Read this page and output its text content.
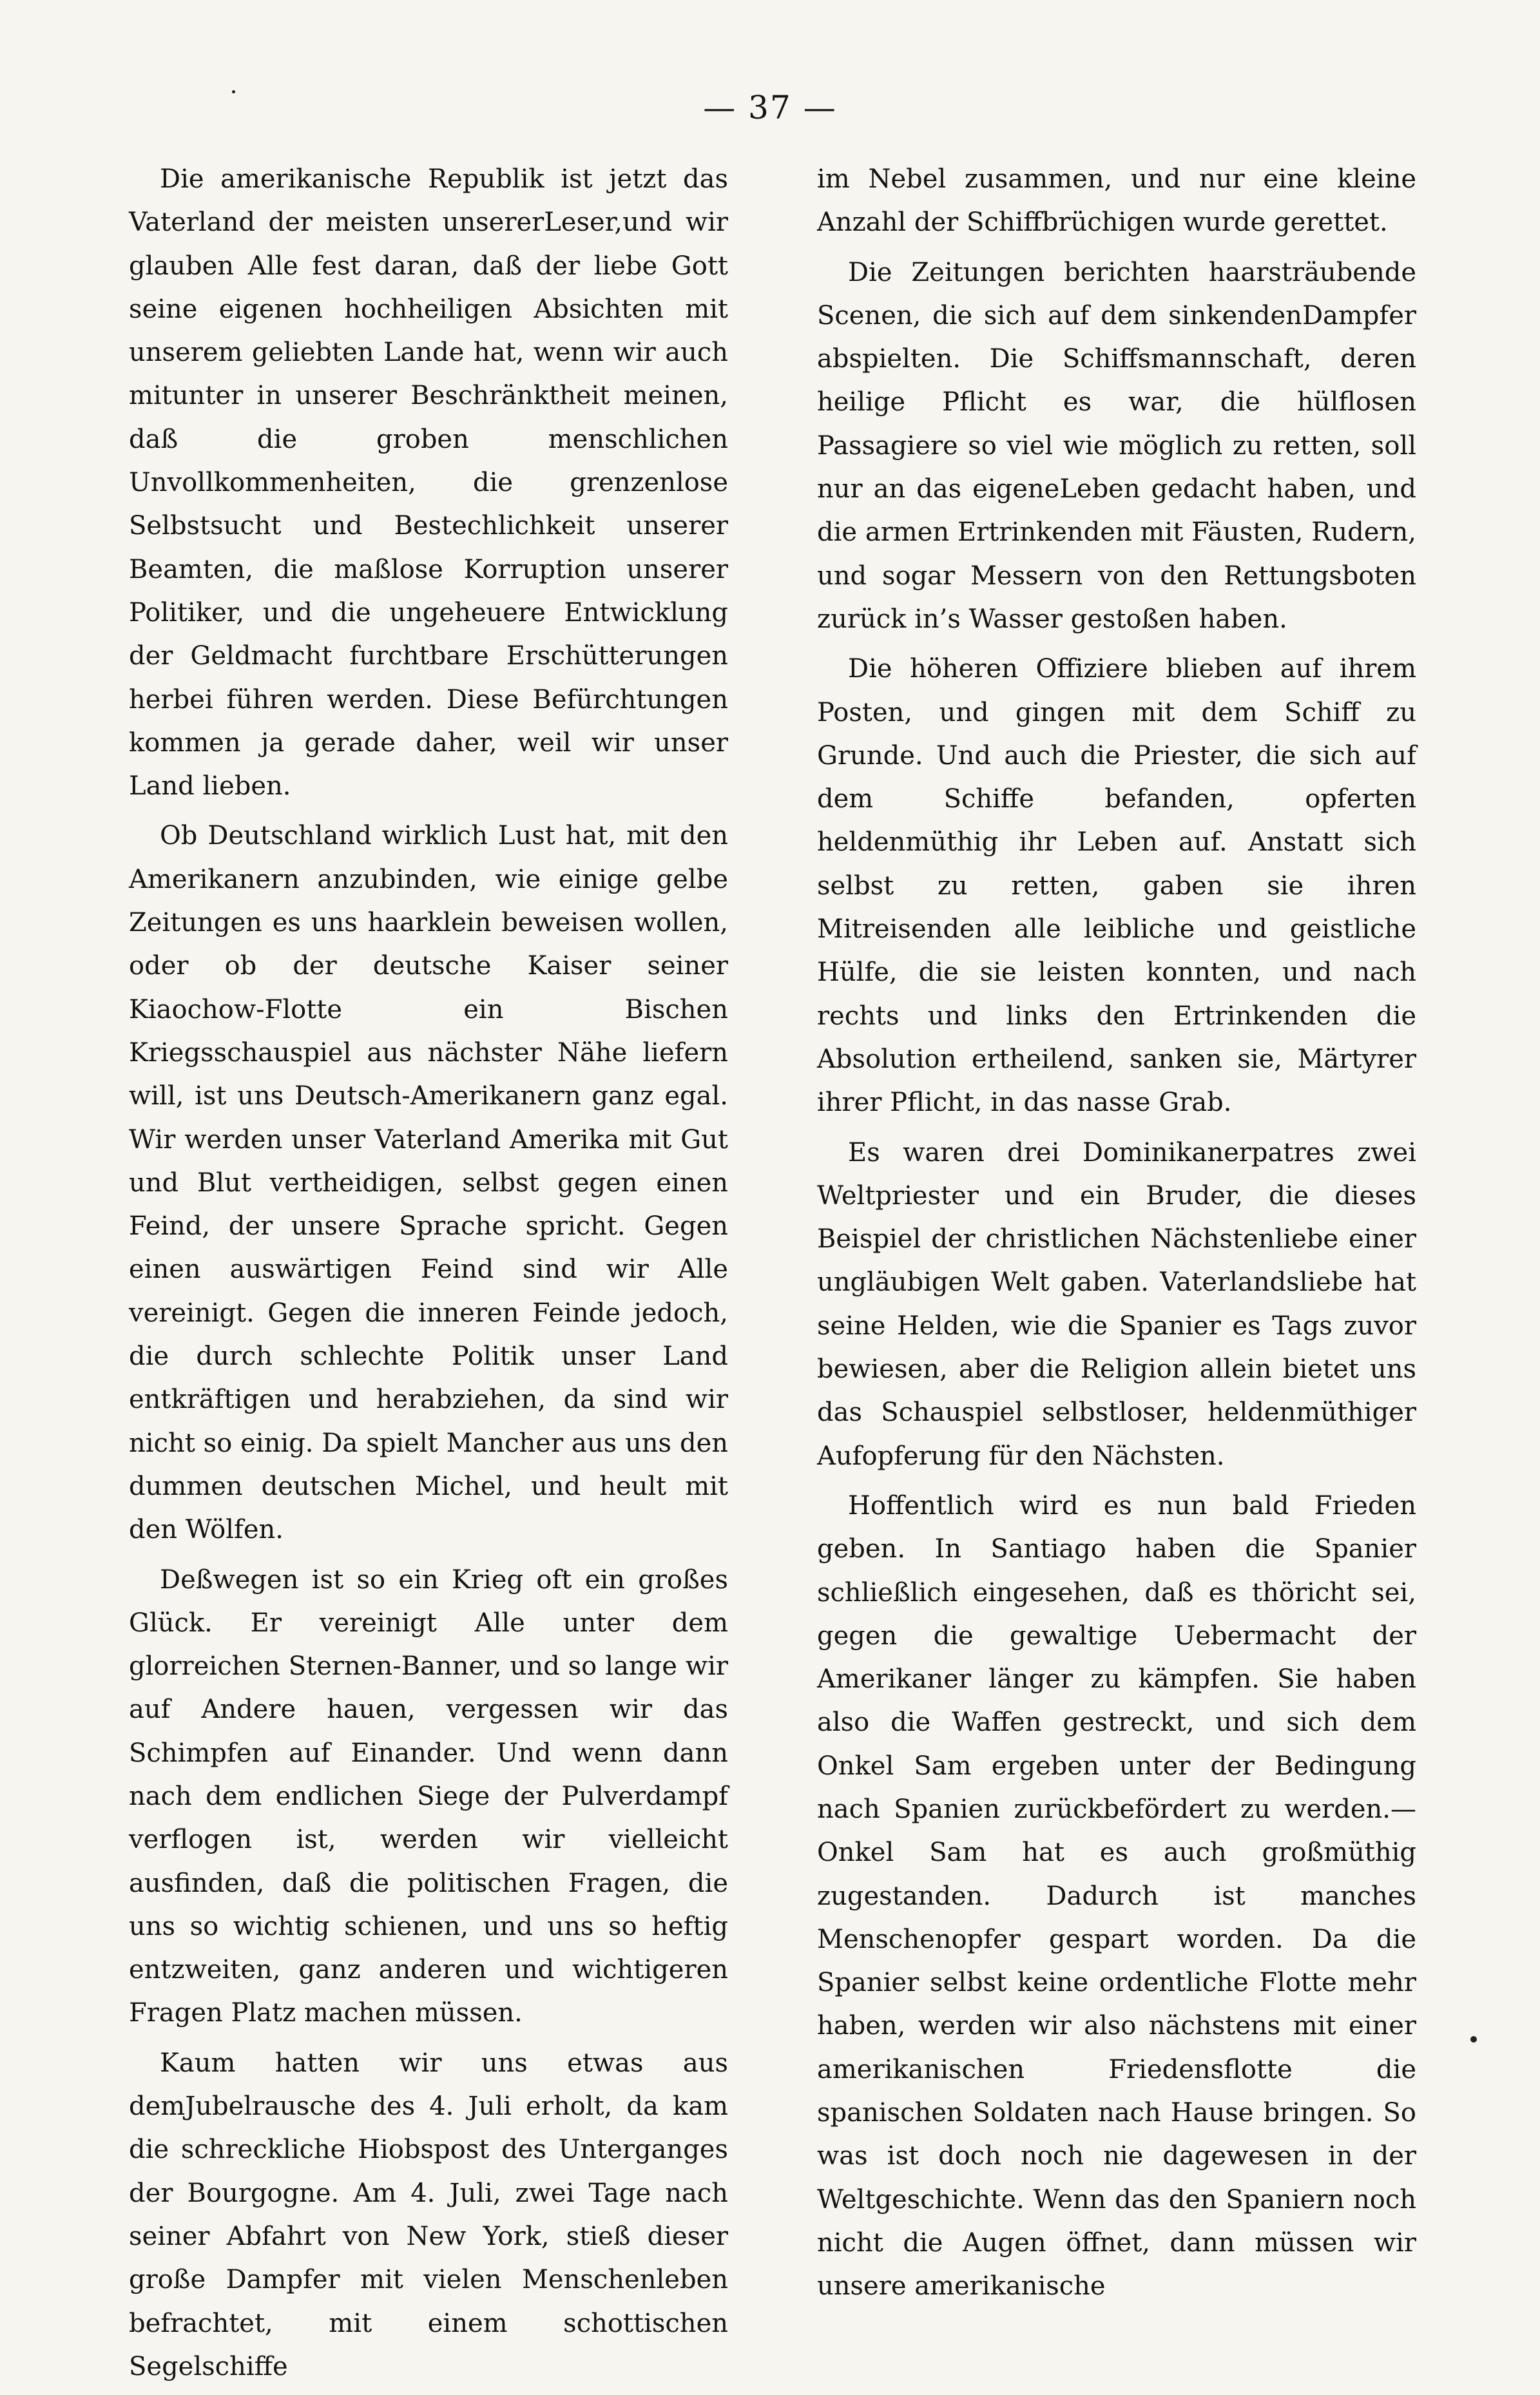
— 37 —

Die amerikanische Republik ist jetzt das Vaterland der meisten unsererLeser,und wir glauben Alle fest daran, daß der liebe Gott seine eigenen hochheiligen Absichten mit unserem geliebten Lande hat, wenn wir auch mitunter in unserer Beschränktheit meinen, daß die groben menschlichen Unvollkommenheiten, die grenzenlose Selbstsucht und Bestechlichkeit unserer Beamten, die maßlose Korruption unserer Politiker, und die ungeheuere Entwicklung der Geldmacht furchtbare Erschütterungen herbei führen werden. Diese Befürchtungen kommen ja gerade daher, weil wir unser Land lieben.

Ob Deutschland wirklich Lust hat, mit den Amerikanern anzubinden, wie einige gelbe Zeitungen es uns haarklein beweisen wollen, oder ob der deutsche Kaiser seiner Kiaochow-Flotte ein Bischen Kriegsschauspiel aus nächster Nähe liefern will, ist uns Deutsch-Amerikanern ganz egal. Wir werden unser Vaterland Amerika mit Gut und Blut vertheidigen, selbst gegen einen Feind, der unsere Sprache spricht. Gegen einen auswärtigen Feind sind wir Alle vereinigt. Gegen die inneren Feinde jedoch, die durch schlechte Politik unser Land entkräftigen und herabziehen, da sind wir nicht so einig. Da spielt Mancher aus uns den dummen deutschen Michel, und heult mit den Wölfen.

Deßwegen ist so ein Krieg oft ein großes Glück. Er vereinigt Alle unter dem glorreichen Sternen-Banner, und so lange wir auf Andere hauen, vergessen wir das Schimpfen auf Einander. Und wenn dann nach dem endlichen Siege der Pulverdampf verflogen ist, werden wir vielleicht ausfinden, daß die politischen Fragen, die uns so wichtig schienen, und uns so heftig entzweiten, ganz anderen und wichtigeren Fragen Platz machen müssen.

Kaum hatten wir uns etwas aus demJubelrausche des 4. Juli erholt, da kam die schreckliche Hiobspost des Unterganges der Bourgogne. Am 4. Juli, zwei Tage nach seiner Abfahrt von New York, stieß dieser große Dampfer mit vielen Menschenleben befrachtet, mit einem schottischen Segelschiffe

im Nebel zusammen, und nur eine kleine Anzahl der Schiffbrüchigen wurde gerettet.

Die Zeitungen berichten haarsträubende Scenen, die sich auf dem sinkendenDampfer abspielten. Die Schiffsmannschaft, deren heilige Pflicht es war, die hülflosen Passagiere so viel wie möglich zu retten, soll nur an das eigeneLeben gedacht haben, und die armen Ertrinkenden mit Fäusten, Rudern, und sogar Messern von den Rettungsboten zurück in’s Wasser gestoßen haben.

Die höheren Offiziere blieben auf ihrem Posten, und gingen mit dem Schiff zu Grunde. Und auch die Priester, die sich auf dem Schiffe befanden, opferten heldenmüthig ihr Leben auf. Anstatt sich selbst zu retten, gaben sie ihren Mitreisenden alle leibliche und geistliche Hülfe, die sie leisten konnten, und nach rechts und links den Ertrinkenden die Absolution ertheilend, sanken sie, Märtyrer ihrer Pflicht, in das nasse Grab.

Es waren drei Dominikanerpatres zwei Weltpriester und ein Bruder, die dieses Beispiel der christlichen Nächstenliebe einer ungläubigen Welt gaben. Vaterlandsliebe hat seine Helden, wie die Spanier es Tags zuvor bewiesen, aber die Religion allein bietet uns das Schauspiel selbstloser, heldenmüthiger Aufopferung für den Nächsten.

Hoffentlich wird es nun bald Frieden geben. In Santiago haben die Spanier schließlich eingesehen, daß es thöricht sei, gegen die gewaltige Uebermacht der Amerikaner länger zu kämpfen. Sie haben also die Waffen gestreckt, und sich dem Onkel Sam ergeben unter der Bedingung nach Spanien zurückbefördert zu werden.—Onkel Sam hat es auch großmüthig zugestanden. Dadurch ist manches Menschenopfer gespart worden. Da die Spanier selbst keine ordentliche Flotte mehr haben, werden wir also nächstens mit einer amerikanischen Friedensflotte die spanischen Soldaten nach Hause bringen. So was ist doch noch nie dagewesen in der Weltgeschichte. Wenn das den Spaniern noch nicht die Augen öffnet, dann müssen wir unsere amerikanische
